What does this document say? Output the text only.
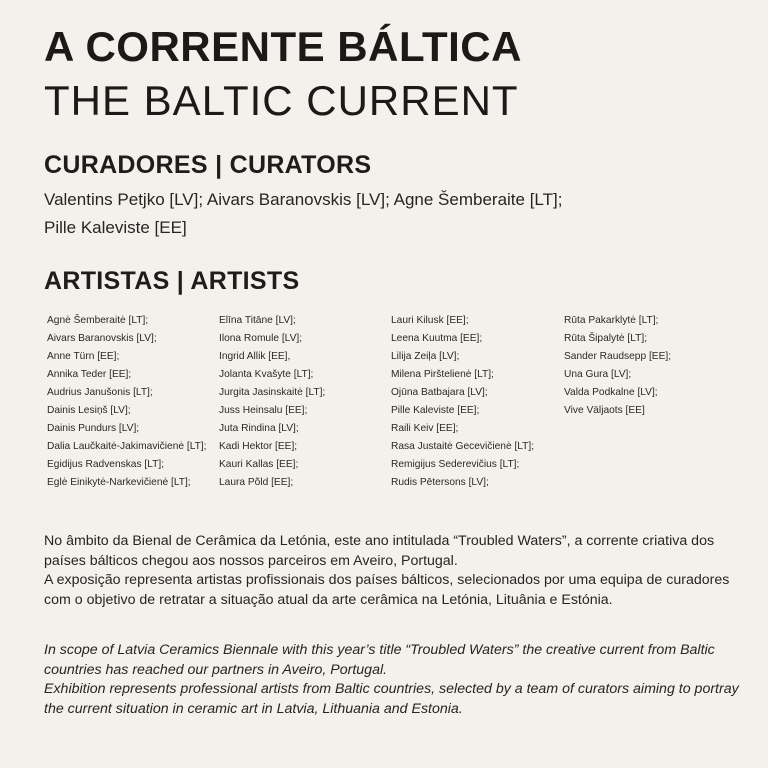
A CORRENTE BÁLTICA
THE BALTIC CURRENT
CURADORES | CURATORS
Valentins Petjko [LV]; Aivars Baranovskis [LV]; Agne Šemberaite [LT];
Pille Kaleviste [EE]
ARTISTAS | ARTISTS
Agnė Šemberaitė [LT];
Aivars Baranovskis [LV];
Anne Türn [EE];
Annika Teder [EE];
Audrius Janušonis [LT];
Dainis Lesiņš [LV];
Dainis Pundurs [LV];
Dalia Laučkaitė-Jakimavičienė [LT];
Egidijus Radvenskas [LT];
Eglė Einikytė-Narkevičienė [LT];
Elīna Titāne [LV];
Ilona Romule [LV];
Ingrid Allik [EE],
Jolanta Kvašyte [LT];
Jurgita Jasinskaitė [LT];
Juss Heinsalu [EE];
Juta Rindina [LV];
Kadi Hektor [EE];
Kauri Kallas [EE];
Laura Põld [EE];
Lauri Kilusk [EE];
Leena Kuutma [EE];
Lilija Zeiļa [LV];
Milena Pirštelienė [LT];
Ojūna Batbajara [LV];
Pille Kaleviste [EE];
Raili Keiv [EE];
Rasa Justaitė Gecevičienė [LT];
Remigijus Sederevičius [LT];
Rudis Pētersons [LV];
Rūta Pakarklytė [LT];
Rūta Šipalytė [LT];
Sander Raudsepp [EE];
Una Gura [LV];
Valda Podkalne [LV];
Vive Väljaots [EE]

No âmbito da Bienal de Cerâmica da Letónia, este ano intitulada “Troubled Waters”, a corrente criativa dos países bálticos chegou aos nossos parceiros em Aveiro, Portugal.

A exposição representa artistas profissionais dos países bálticos, selecionados por uma equipa de curadores com o objetivo de retratar a situação atual da arte cerâmica na Letónia, Lituânia e Estónia.

In scope of Latvia Ceramics Biennale with this year’s title “Troubled Waters” the creative current from Baltic countries has reached our partners in Aveiro, Portugal.

Exhibition represents professional artists from Baltic countries, selected by a team of curators aiming to portray the current situation in ceramic art in Latvia, Lithuania and Estonia.
